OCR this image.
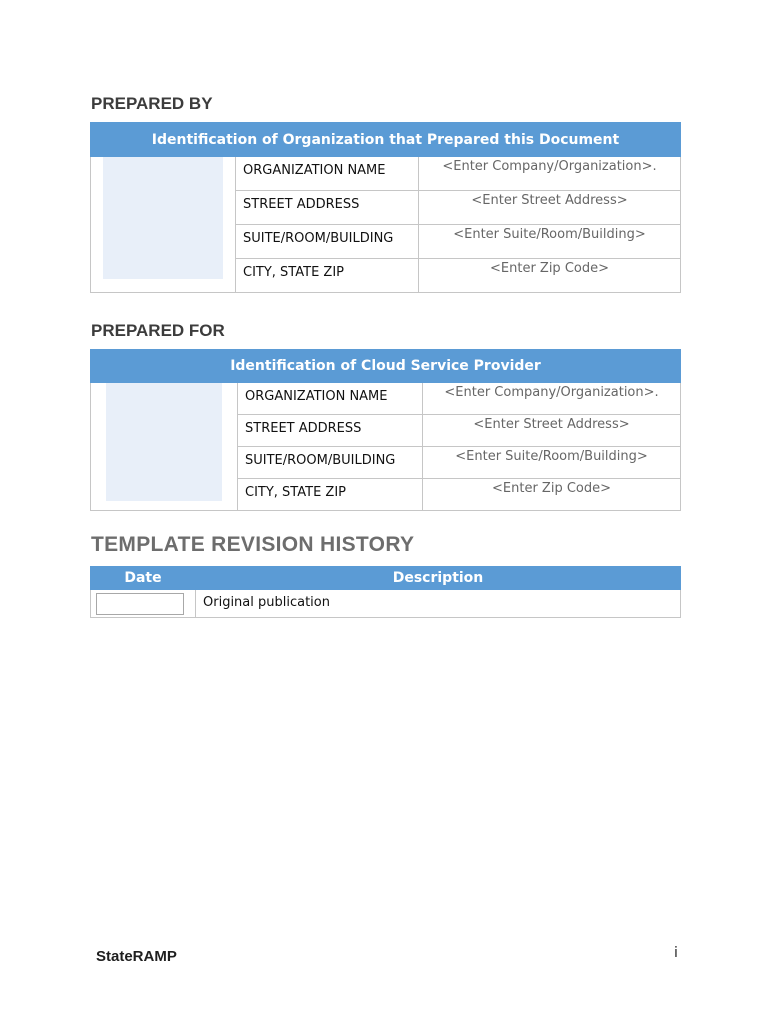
PREPARED BY
Identification of Organization that Prepared this Document		

	ORGANIZATION NAME	<Enter Company/Organization>.
	STREET ADDRESS	<Enter Street Address>
	SUITE/ROOM/BUILDING	<Enter Suite/Room/Building>
	CITY, STATE ZIP	<Enter Zip Code>
PREPARED FOR
Identification of Cloud Service Provider		

	ORGANIZATION NAME	<Enter Company/Organization>.
	STREET ADDRESS	<Enter Street Address>
	SUITE/ROOM/BUILDING	<Enter Suite/Room/Building>
	CITY, STATE ZIP	<Enter Zip Code>
TEMPLATE REVISION HISTORY
Date	Description

	Original publication
StateRAMP	i
